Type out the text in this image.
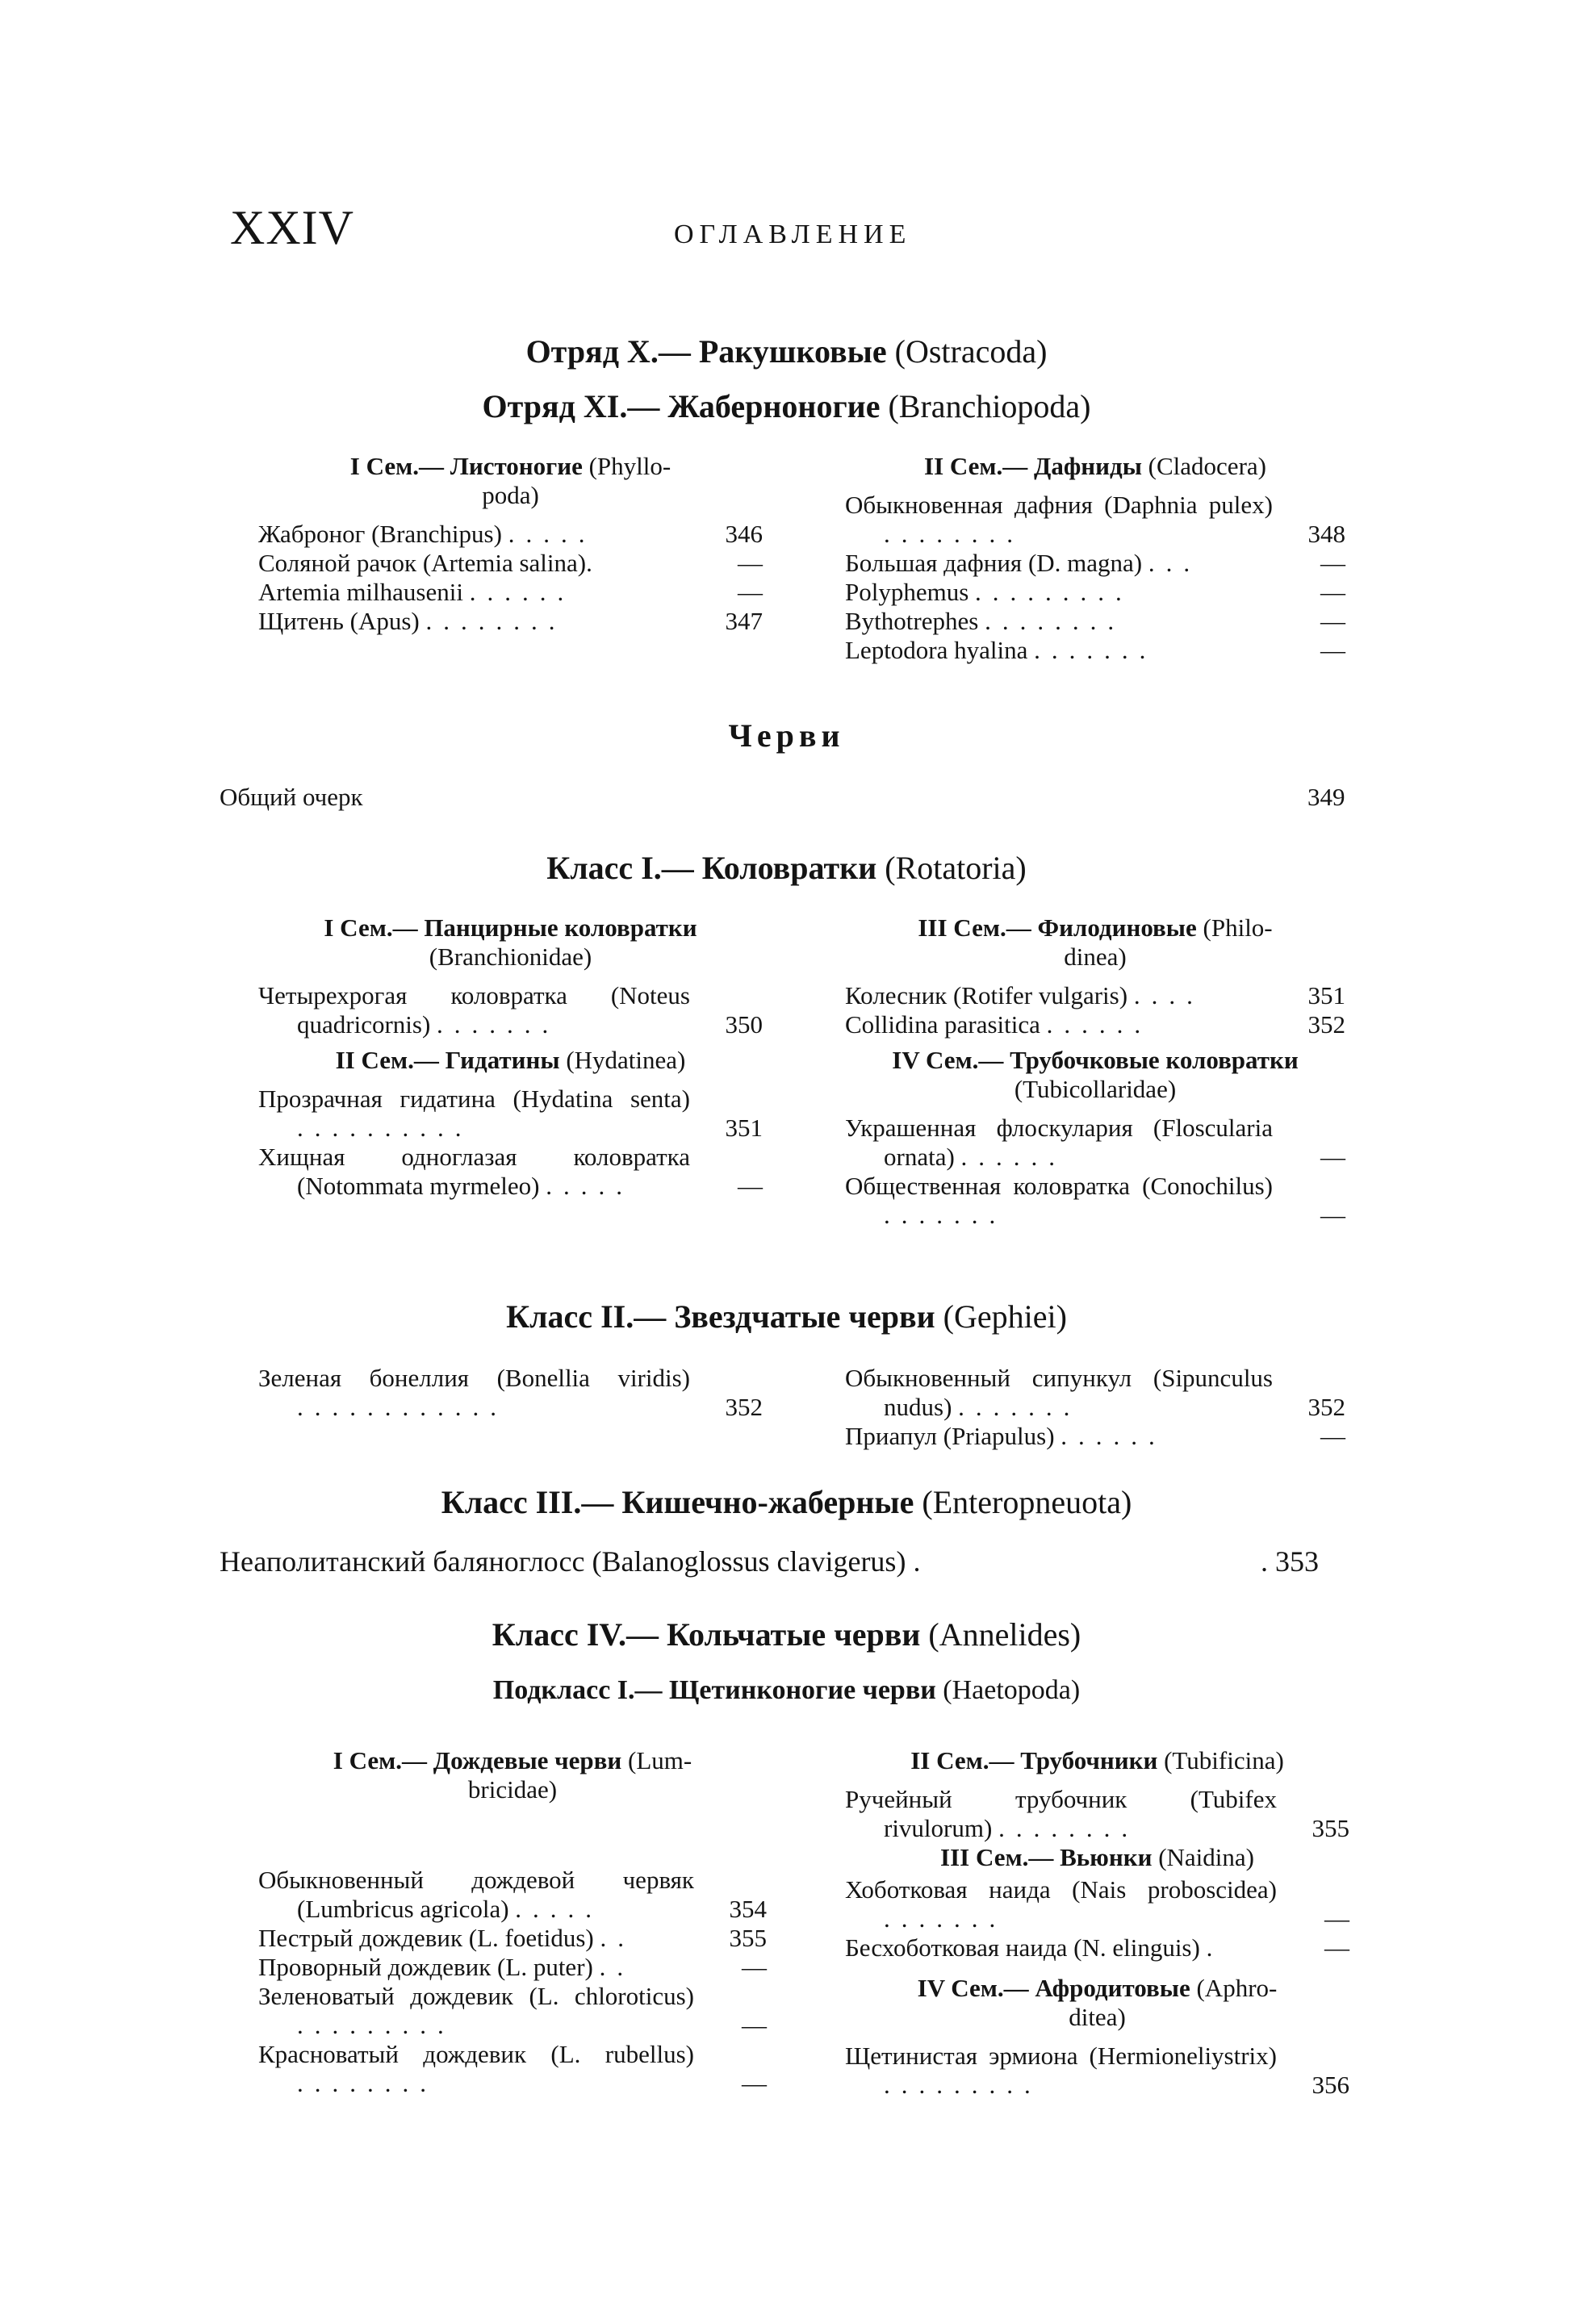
XXIV	ОГЛАВЛЕНИЕ
Отряд X.— Ракушковые (Ostracoda)
Отряд XI.— Жаберноногие (Branchiopoda)
I Сем.— Листоногие (Phyllo-
poda)
Жаброног (Branchipus) .....	346
Соляной рачок (Artemia salina).	—
Artemia milhausenii ......	—
Щитень (Apus) ........	347
II Сем.— Дафниды (Cladocera)
Обыкновенная дафния (Daphnia pulex) ........	348
Большая дафния (D. magna) ...	—
Polyphemus .........	—
Bythotrephes ........	—
Leptodora hyalina .......	—
Черви
Общий очерк	349
Класс I.— Коловратки (Rotatoria)
I Сем.— Панцирные коловратки
(Branchionidae)
Четырехрогая коловратка (Noteus quadricornis) .......	350
II Сем.— Гидатины (Hydatinea)
Прозрачная гидатина (Hydatina senta) ..........	351
Хищная одноглазая коловратка (Notommata myrmeleo) .....	—
III Сем.— Филодиновые (Philo-
dinea)
Колесник (Rotifer vulgaris) ....	351
Collidina parasitica ......	352
IV Сем.— Трубочковые коловратки
(Tubicollaridae)
Украшенная флоскулария (Floscularia ornata) ......	—
Общественная коловратка (Conochilus) .......	—
Класс II.— Звездчатые черви (Gephiei)
Зеленая бонеллия (Bonellia viridis) ............	352
Обыкновенный сипункул (Sipunculus nudus) .......	352
Приапул (Priapulus) ......	—
Класс III.— Кишечно-жаберные (Enteropneuota)
Неаполитанский баляноглосс (Balanoglossus clavigerus) .	. 353
Класс IV.— Кольчатые черви (Annelides)
Подкласс I.— Щетинконогие черви (Haetopoda)
I Сем.— Дождевые черви (Lum-
bricidae)
Обыкновенный дождевой червяк (Lumbricus agricola) .....	354
Пестрый дождевик (L. foetidus) ..	355
Проворный дождевик (L. puter) ..	—
Зеленоватый дождевик (L. chloroticus) .........	—
Красноватый дождевик (L. rubellus) ........	—
II Сем.— Трубочники (Tubificina)
Ручейный трубочник (Tubifex rivulorum) ........	355
III Сем.— Вьюнки (Naidina)
Хоботковая наида (Nais proboscidea) .......	—
Бесхоботковая наида (N. elinguis) .	—
IV Сем.— Афродитовые (Aphro-
ditea)
Щетинистая эрмиона (Hermioneliystrix) .........	356
